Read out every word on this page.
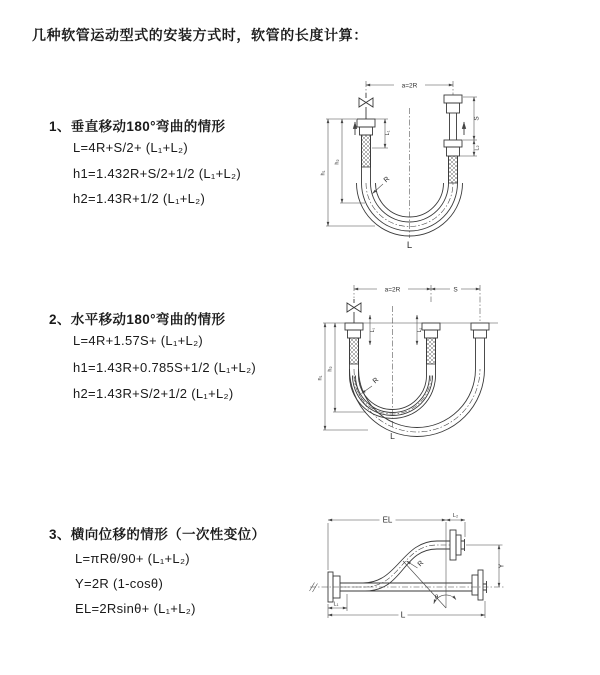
几种软管运动型式的安装方式时，软管的长度计算：
1、垂直移动180°弯曲的情形
L=4R+S/2+ (L₁+L₂)
h1=1.432R+S/2+1/2 (L₁+L₂)
h2=1.43R+1/2 (L₁+L₂)
2、水平移动180°弯曲的情形
L=4R+1.57S+ (L₁+L₂)
h1=1.43R+0.785S+1/2 (L₁+L₂)
h2=1.43R+S/2+1/2 (L₁+L₂)
3、横向位移的情形（一次性变位）
L=πRθ/90+ (L₁+L₂)
Y=2R (1-cosθ)
EL=2Rsinθ+ (L₁+L₂)
a=2R
S
L₂
L₁
h₁
h₂
R
L
a=2R	S
h₁
h₂
L₁	L₂
R
L
EL	L₂
Y
L
L₁
R
θ
